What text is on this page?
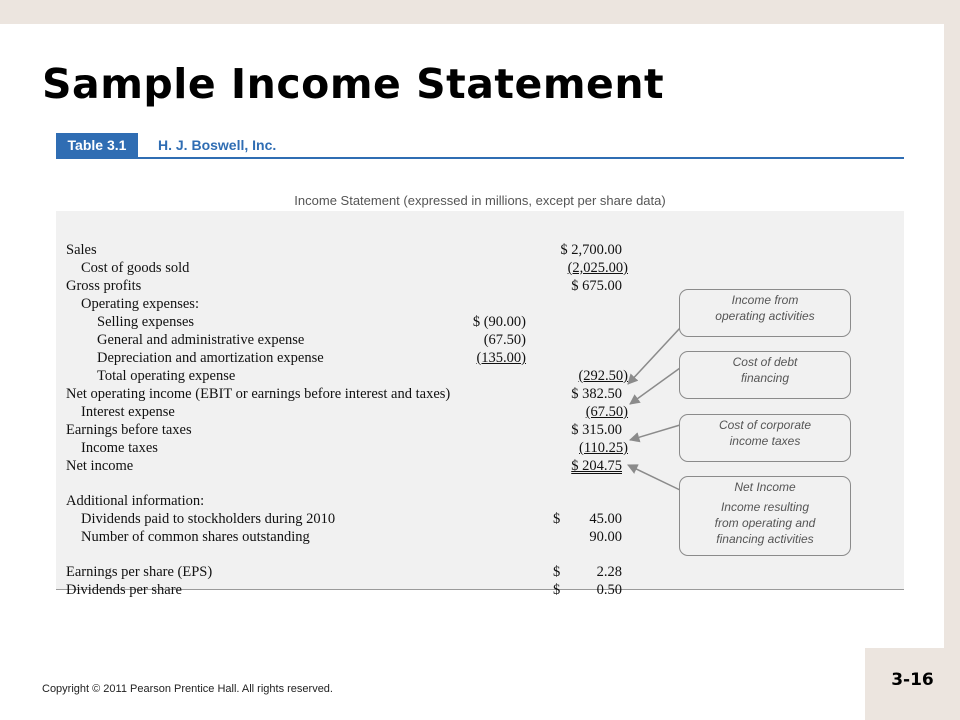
Sample Income Statement
Table 3.1	H. J. Boswell, Inc.
Income Statement (expressed in millions, except per share data)
Sales	$ 2,700.00
Cost of goods sold	(2,025.00)
Gross profits	$ 675.00
Operating expenses:
Selling expenses	$ (90.00)
General and administrative expense	(67.50)
Depreciation and amortization expense	(135.00)
Total operating expense	(292.50)
Net operating income (EBIT or earnings before interest and taxes)	$ 382.50
Interest expense	(67.50)
Earnings before taxes	$ 315.00
Income taxes	(110.25)
Net income	$ 204.75
Additional information:
Dividends paid to stockholders during 2010	$	45.00
Number of common shares outstanding	90.00
Earnings per share (EPS)	$	2.28
Dividends per share	$	0.50
Income from
operating activities
Cost of debt
financing
Cost of corporate
income taxes
Net Income
Income resulting
from operating and
financing activities
Copyright © 2011 Pearson Prentice Hall. All rights reserved.	3-16
